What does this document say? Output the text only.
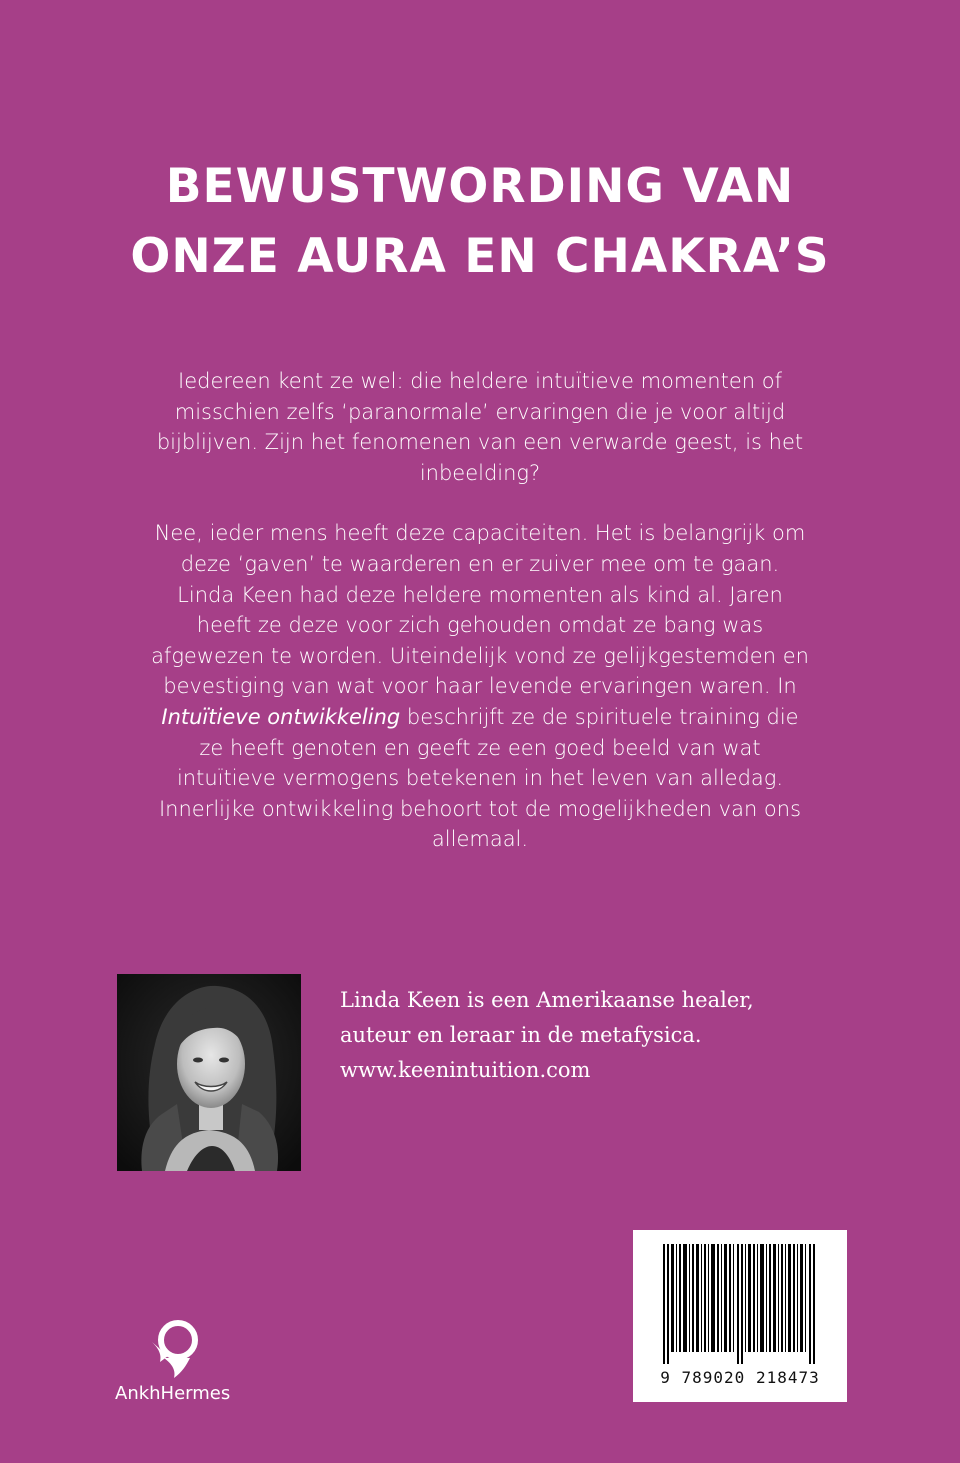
BEWUSTWORDING VAN
ONZE AURA EN CHAKRA’S

Iedereen kent ze wel: die heldere intuïtieve momenten of misschien zelfs ‘paranormale’ ervaringen die je voor altijd bijblijven. Zijn het fenomenen van een verwarde geest, is het inbeelding?

Nee, ieder mens heeft deze capaciteiten. Het is belangrijk om deze ‘gaven’ te waarderen en er zuiver mee om te gaan. Linda Keen had deze heldere momenten als kind al. Jaren heeft ze deze voor zich gehouden omdat ze bang was afgewezen te worden. Uiteindelijk vond ze gelijkgestemden en bevestiging van wat voor haar levende ervaringen waren. In Intuïtieve ontwikkeling beschrijft ze de spirituele training die ze heeft genoten en geeft ze een goed beeld van wat intuïtieve vermogens betekenen in het leven van alledag. Innerlijke ontwikkeling behoort tot de mogelijkheden van ons allemaal.

Linda Keen is een Amerikaanse healer,
auteur en leraar in de metafysica.
www.keenintuition.com
9 789020 218473
AnkhHermes
